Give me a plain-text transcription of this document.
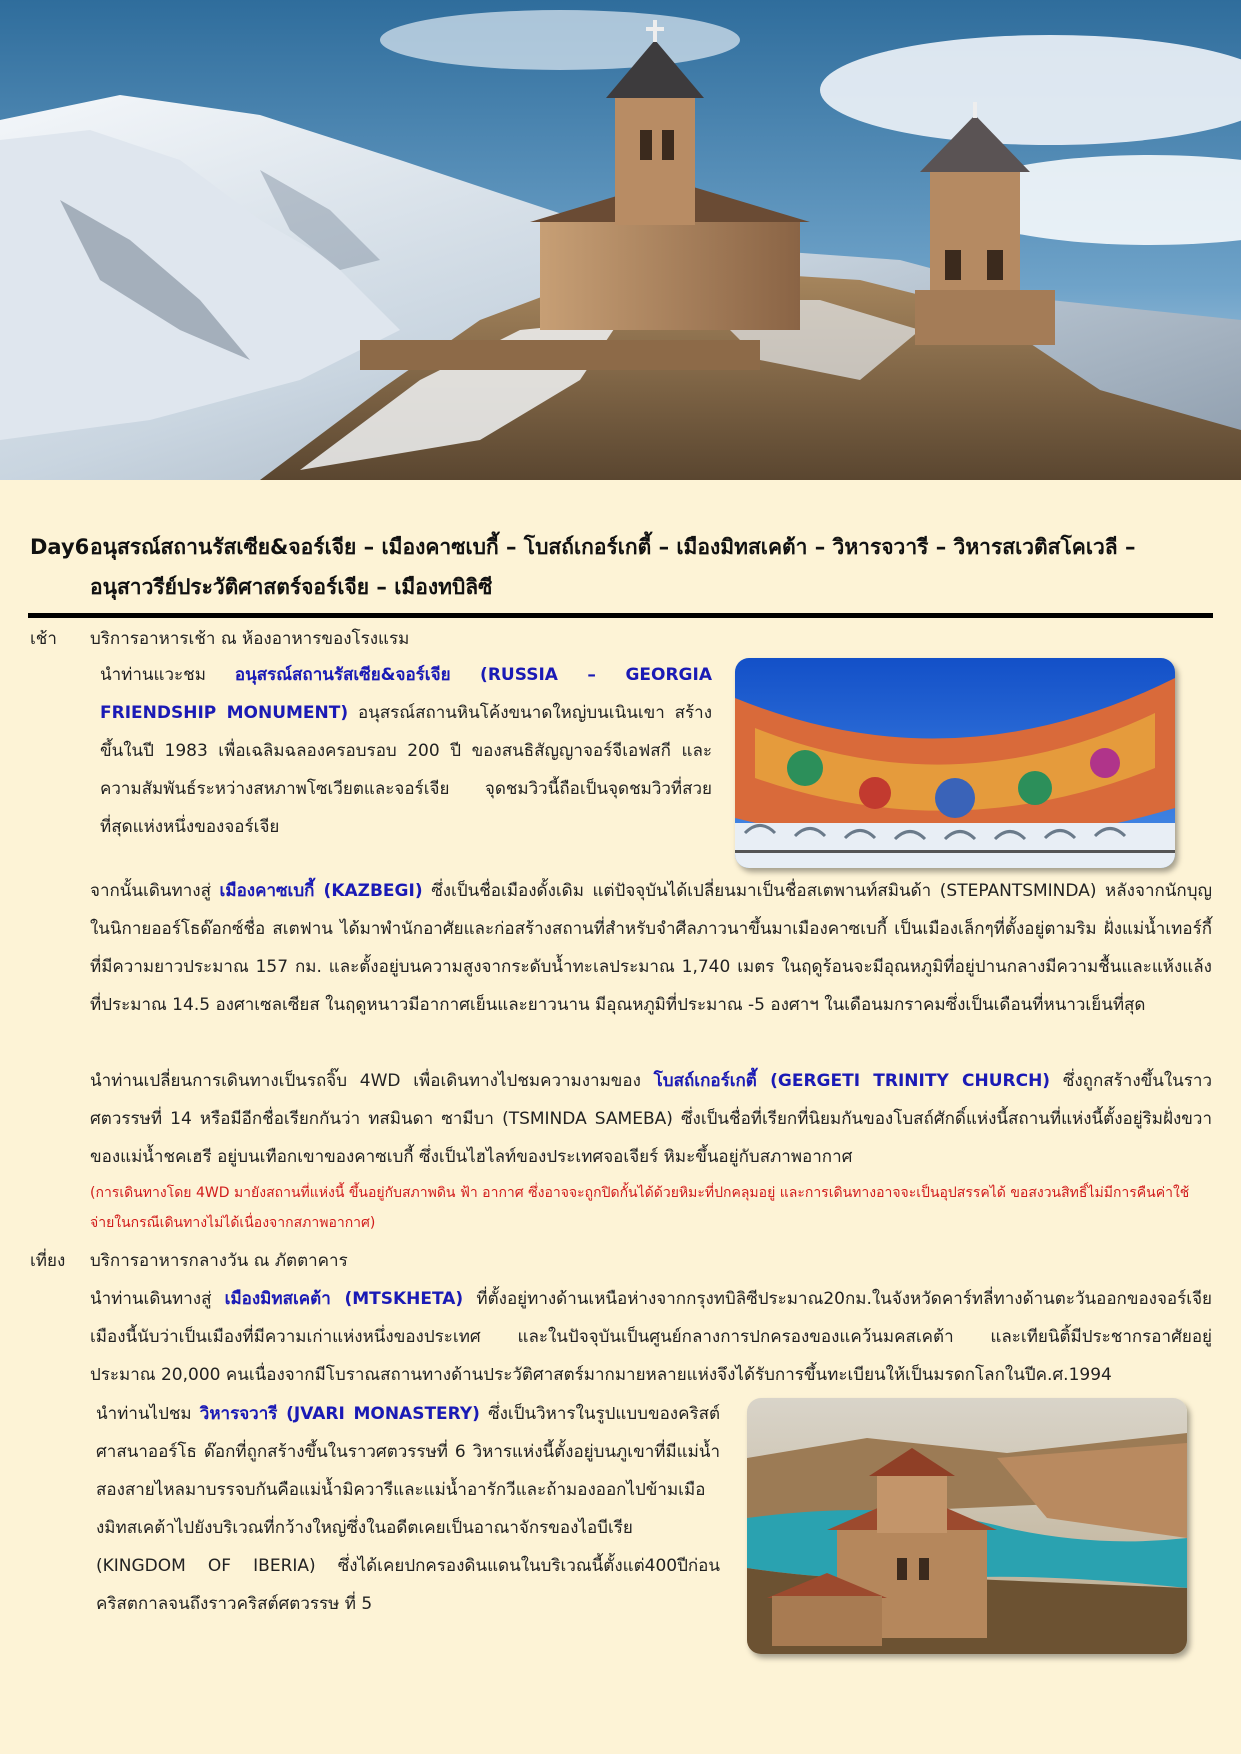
Day6อนุสรณ์สถานรัสเซีย&จอร์เจีย – เมืองคาซเบกี้ – โบสถ์เกอร์เกตี้ – เมืองมิทสเคต้า – วิหารจวารี – วิหารสเวติสโคเวลี –
อนุสาวรีย์ประวัติศาสตร์จอร์เจีย – เมืองทบิลิซี
เช้า บริการอาหารเช้า ณ ห้องอาหารของโรงแรม
นำท่านแวะชม อนุสรณ์สถานรัสเซีย&จอร์เจีย (RUSSIA – GEORGIA FRIENDSHIP MONUMENT) อนุสรณ์สถานหินโค้งขนาดใหญ่บนเนินเขา สร้างขึ้นในปี 1983 เพื่อเฉลิมฉลองครอบรอบ 200 ปี ของสนธิสัญญาจอร์จีเอฟสกี และความสัมพันธ์ระหว่างสหภาพโซเวียตและจอร์เจีย จุดชมวิวนี้ถือเป็นจุดชมวิวที่สวยที่สุดแห่งหนึ่งของจอร์เจีย
จากนั้นเดินทางสู่ เมืองคาซเบกี้ (KAZBEGI) ซึ่งเป็นชื่อเมืองดั้งเดิม แต่ปัจจุบันได้เปลี่ยนมาเป็นชื่อสเตพานท์สมินด้า (STEPANTSMINDA) หลังจากนักบุญในนิกายออร์โธด๊อกซ์ชื่อ สเตฟาน ได้มาพำนักอาศัยและก่อสร้างสถานที่สำหรับจำศีลภาวนาขึ้นมาเมืองคาซเบกี้ เป็นเมืองเล็กๆที่ตั้งอยู่ตามริม ฝั่งแม่น้ำเทอร์กี้ที่มีความยาวประมาณ 157 กม. และตั้งอยู่บนความสูงจากระดับน้ำทะเลประมาณ 1,740 เมตร ในฤดูร้อนจะมีอุณหภูมิที่อยู่ปานกลางมีความชื้นและแห้งแล้งที่ประมาณ 14.5 องศาเซลเซียส ในฤดูหนาวมีอากาศเย็นและยาวนาน มีอุณหภูมิที่ประมาณ -5 องศาฯ ในเดือนมกราคมซึ่งเป็นเดือนที่หนาวเย็นที่สุด
นำท่านเปลี่ยนการเดินทางเป็นรถจิ๊บ 4WD เพื่อเดินทางไปชมความงามของ โบสถ์เกอร์เกตี้ (GERGETI TRINITY CHURCH) ซึ่งถูกสร้างขึ้นในราวศตวรรษที่ 14 หรือมีอีกชื่อเรียกกันว่า ทสมินดา ซามีบา (TSMINDA SAMEBA) ซึ่งเป็นชื่อที่เรียกที่นิยมกันของโบสถ์ศักดิ์แห่งนี้สถานที่แห่งนี้ตั้งอยู่ริมฝั่งขวาของแม่น้ำชคเฮรี อยู่บนเทือกเขาของคาซเบกี้ ซึ่งเป็นไฮไลท์ของประเทศจอเจียร์ หิมะขึ้นอยู่กับสภาพอากาศ
(การเดินทางโดย 4WD มายังสถานที่แห่งนี้ ขึ้นอยู่กับสภาพดิน ฟ้า อากาศ ซึ่งอาจจะถูกปิดกั้นได้ด้วยหิมะที่ปกคลุมอยู่ และการเดินทางอาจจะเป็นอุปสรรคได้ ขอสงวนสิทธิ์ไม่มีการคืนค่าใช้จ่ายในกรณีเดินทางไม่ได้เนื่องจากสภาพอากาศ)
เที่ยง บริการอาหารกลางวัน ณ ภัตตาคาร
นำท่านเดินทางสู่ เมืองมิทสเคต้า (MTSKHETA) ที่ตั้งอยู่ทางด้านเหนือห่างจากกรุงทบิลิซีประมาณ20กม.ในจังหวัดคาร์ทลี่ทางด้านตะวันออกของจอร์เจียเมืองนี้นับว่าเป็นเมืองที่มีความเก่าแห่งหนึ่งของประเทศ และในปัจจุบันเป็นศูนย์กลางการปกครองของแคว้นมคสเคต้า และเทียนิติ้มีประชากรอาศัยอยู่ประมาณ 20,000 คนเนื่องจากมีโบราณสถานทางด้านประวัติศาสตร์มากมายหลายแห่งจึงได้รับการขึ้นทะเบียนให้เป็นมรดกโลกในปีค.ศ.1994
นำท่านไปชม วิหารจวารี (JVARI MONASTERY) ซึ่งเป็นวิหารในรูปแบบของคริสต์ศาสนาออร์โธ ด๊อกที่ถูกสร้างขึ้นในราวศตวรรษที่ 6 วิหารแห่งนี้ตั้งอยู่บนภูเขาที่มีแม่น้ำสองสายไหลมาบรรจบกันคือแม่น้ำมิควารีและแม่น้ำอารักวีและถ้ามองออกไปข้ามเมืองมิทสเคต้าไปยังบริเวณที่กว้างใหญ่ซึ่งในอดีตเคยเป็นอาณาจักรของไอบีเรีย (KINGDOM OF IBERIA) ซึ่งได้เคยปกครองดินแดนในบริเวณนี้ตั้งแต่400ปีก่อนคริสตกาลจนถึงราวคริสต์ศตวรรษ ที่ 5
